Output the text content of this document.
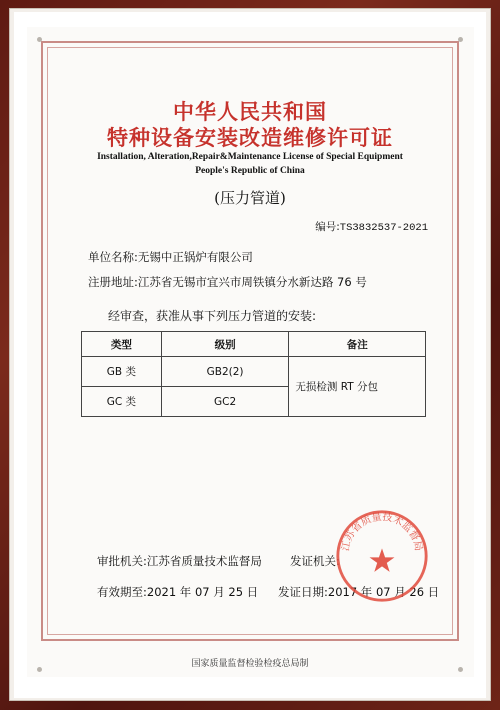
中华人民共和国
特种设备安装改造维修许可证
Installation, Alteration,Repair&Maintenance License of Special Equipment
People's Republic of China
(压力管道)
编号:TS3832537-2021
单位名称:无锡中正锅炉有限公司
注册地址:江苏省无锡市宜兴市周铁镇分水新达路 76 号
经审查，获准从事下列压力管道的安装:
类型	级别	备注
GB 类	GB2(2)	无损检测 RT 分包
GC 类	GC2	
审批机关:江苏省质量技术监督局 发证机关:
有效期至:2021 年 07 月 25 日 发证日期:2017 年 07 月 26 日
江苏省质量技术监督局
国家质量监督检验检疫总局制
